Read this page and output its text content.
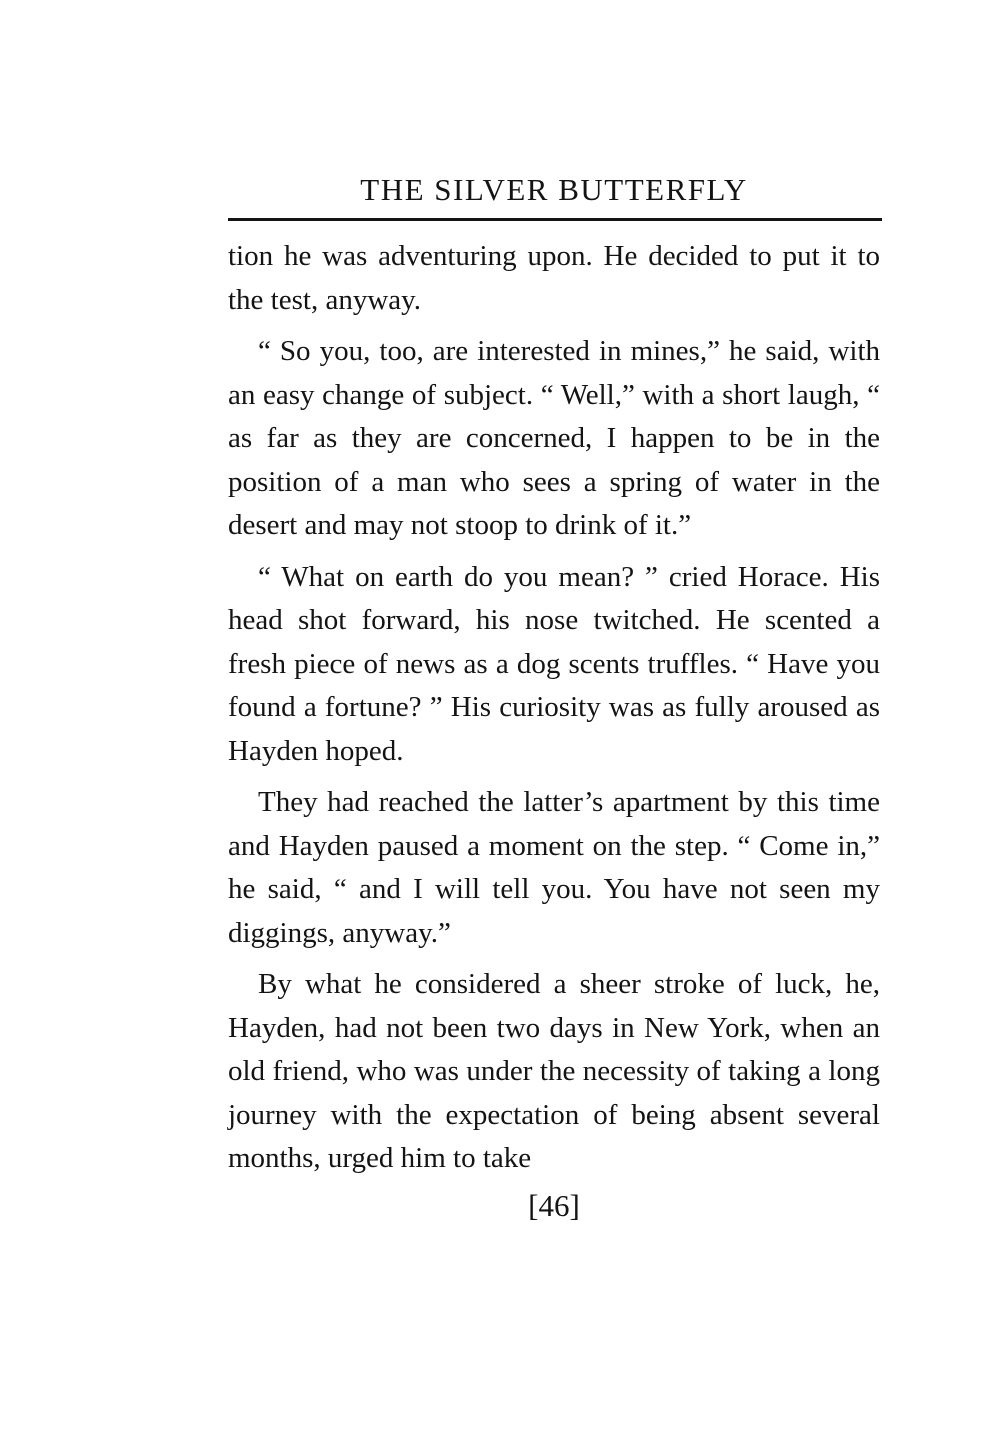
THE SILVER BUTTERFLY

tion he was adventuring upon. He decided to put it to the test, anyway.

“ So you, too, are interested in mines,” he said, with an easy change of subject. “ Well,” with a short laugh, “ as far as they are concerned, I happen to be in the position of a man who sees a spring of water in the desert and may not stoop to drink of it.”

“ What on earth do you mean? ” cried Horace. His head shot forward, his nose twitched. He scented a fresh piece of news as a dog scents truffles. “ Have you found a fortune? ” His curiosity was as fully aroused as Hayden hoped.

They had reached the latter’s apartment by this time and Hayden paused a moment on the step. “ Come in,” he said, “ and I will tell you. You have not seen my diggings, anyway.”

By what he considered a sheer stroke of luck, he, Hayden, had not been two days in New York, when an old friend, who was under the necessity of taking a long journey with the expectation of being absent several months, urged him to take

[46]
